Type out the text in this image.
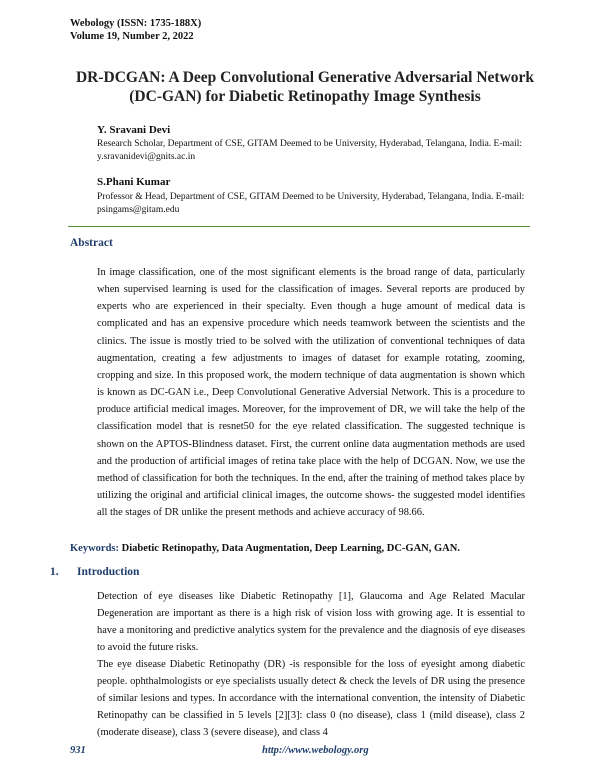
Webology (ISSN: 1735-188X)
Volume 19, Number 2, 2022
DR-DCGAN: A Deep Convolutional Generative Adversarial Network
(DC-GAN) for Diabetic Retinopathy Image Synthesis
Y. Sravani Devi
Research Scholar, Department of CSE, GITAM Deemed to be University, Hyderabad, Telangana, India. E-mail: y.sravanidevi@gnits.ac.in
S.Phani Kumar
Professor & Head, Department of CSE, GITAM Deemed to be University, Hyderabad, Telangana, India. E-mail: psingams@gitam.edu
Abstract
In image classification, one of the most significant elements is the broad range of data, particularly when supervised learning is used for the classification of images. Several reports are produced by experts who are experienced in their specialty. Even though a huge amount of medical data is complicated and has an expensive procedure which needs teamwork between the scientists and the clinics. The issue is mostly tried to be solved with the utilization of conventional techniques of data augmentation, creating a few adjustments to images of dataset for example rotating, zooming, cropping and size. In this proposed work, the modern technique of data augmentation is shown which is known as DC-GAN i.e., Deep Convolutional Generative Adversial Network. This is a procedure to produce artificial medical images. Moreover, for the improvement of DR, we will take the help of the classification model that is resnet50 for the eye related classification. The suggested technique is shown on the APTOS-Blindness dataset. First, the current online data augmentation methods are used and the production of artificial images of retina take place with the help of DCGAN. Now, we use the method of classification for both the techniques. In the end, after the training of method takes place by utilizing the original and artificial clinical images, the outcome shows- the suggested model identifies all the stages of DR unlike the present methods and achieve accuracy of 98.66.
Keywords: Diabetic Retinopathy, Data Augmentation, Deep Learning, DC-GAN, GAN.
1. Introduction
Detection of eye diseases like Diabetic Retinopathy [1], Glaucoma and Age Related Macular Degeneration are important as there is a high risk of vision loss with growing age. It is essential to have a monitoring and predictive analytics system for the prevalence and the diagnosis of eye diseases to avoid the future risks.
The eye disease Diabetic Retinopathy (DR) -is responsible for the loss of eyesight among diabetic people. ophthalmologists or eye specialists usually detect & check the levels of DR using the presence of similar lesions and types. In accordance with the international convention, the intensity of Diabetic Retinopathy can be classified in 5 levels [2][3]: class 0 (no disease), class 1 (mild disease), class 2 (moderate disease), class 3 (severe disease), and class 4
931	http://www.webology.org
